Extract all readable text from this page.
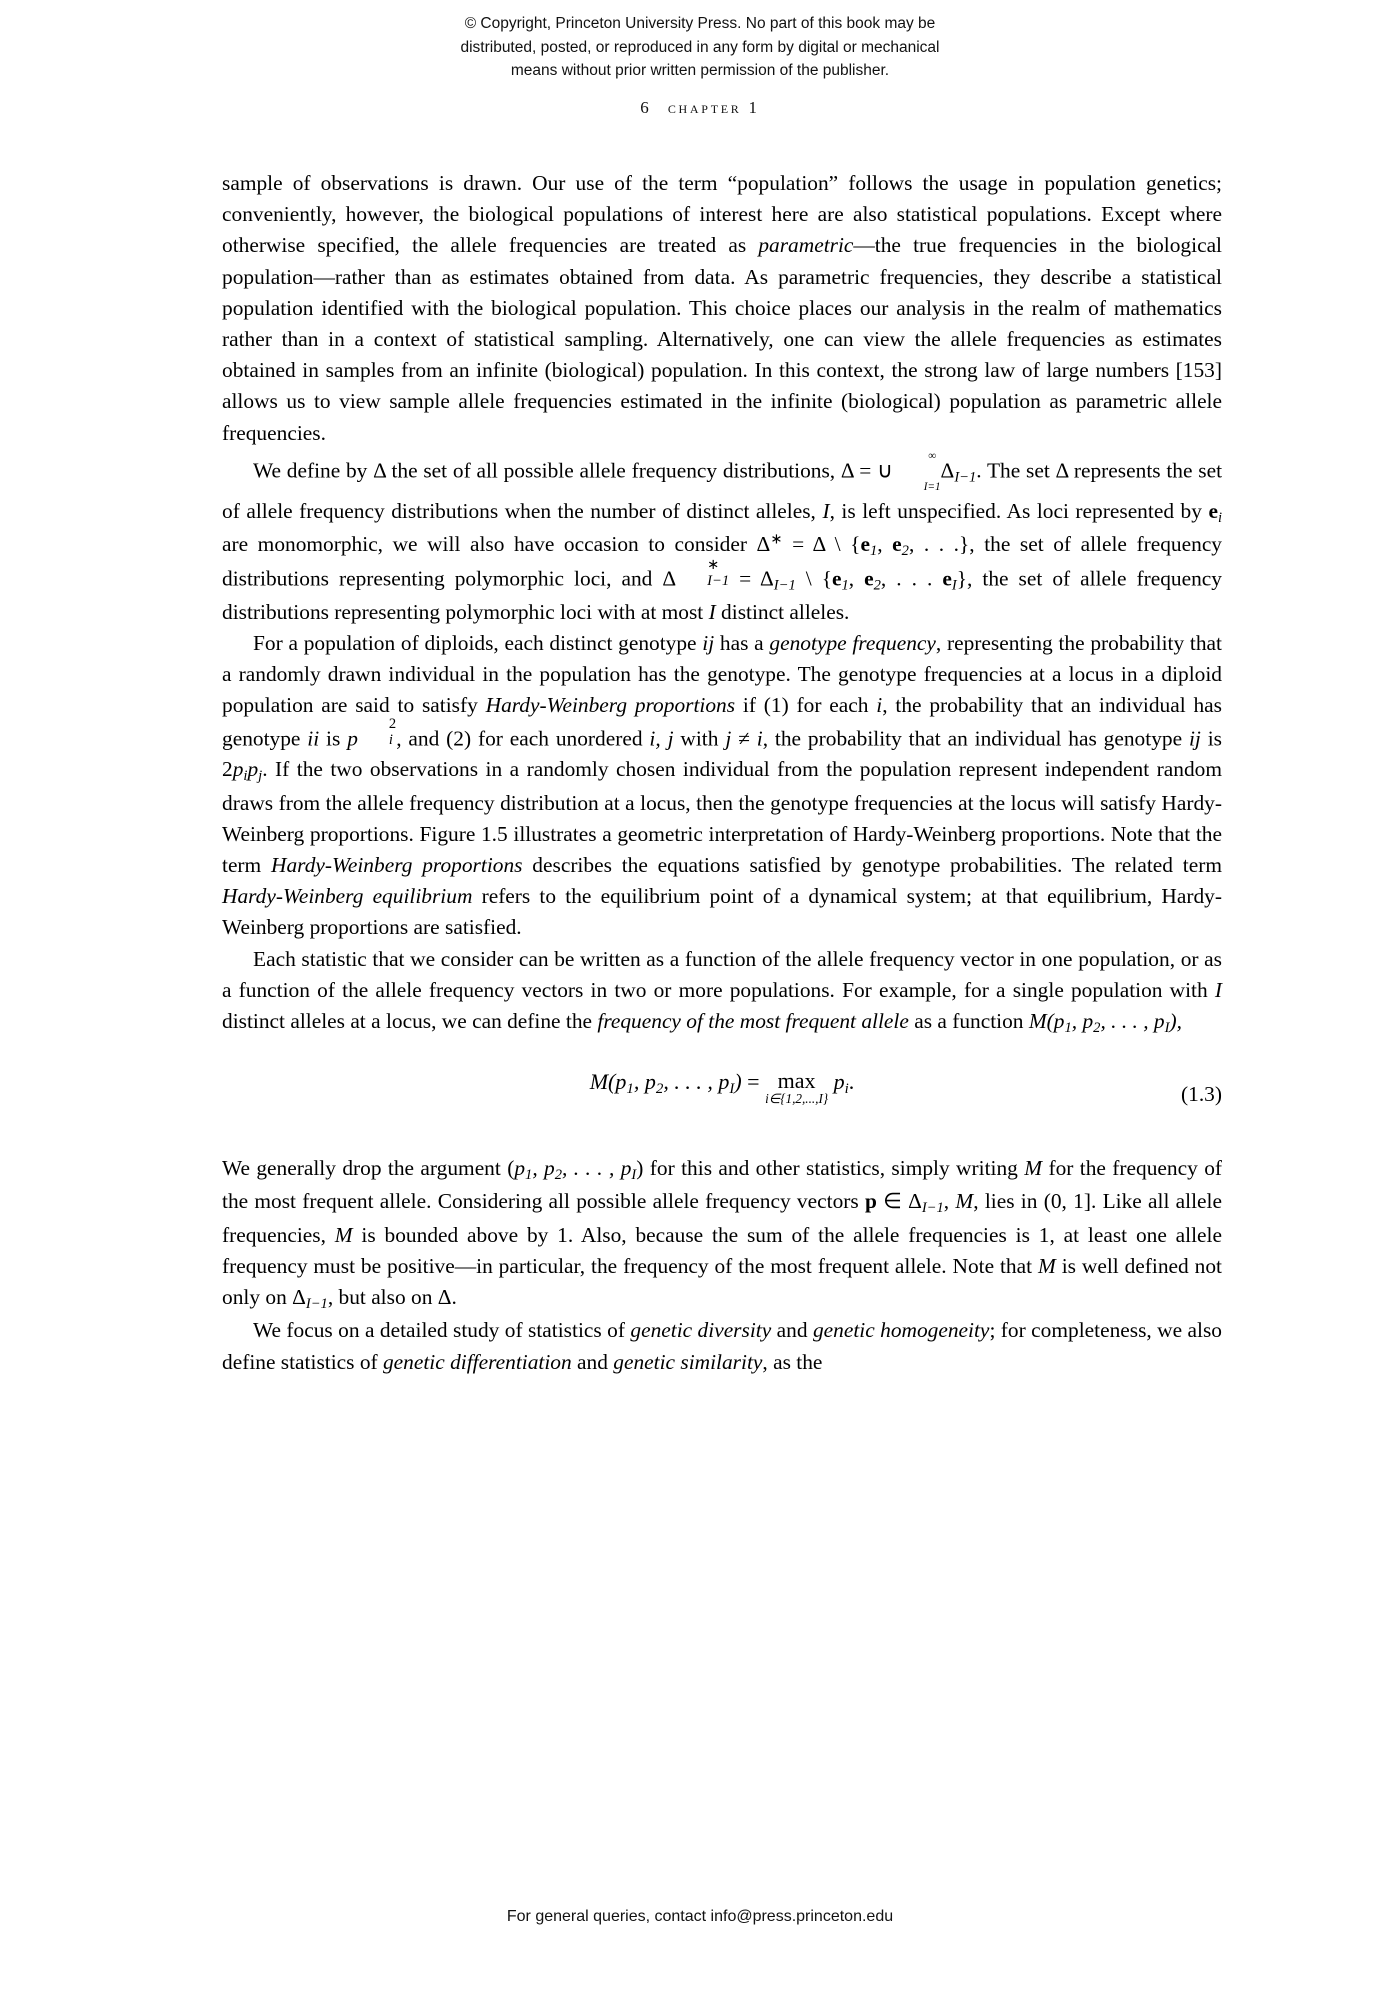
© Copyright, Princeton University Press. No part of this book may be
distributed, posted, or reproduced in any form by digital or mechanical
means without prior written permission of the publisher.
6 chapter 1

sample of observations is drawn. Our use of the term “population” follows the usage in population genetics; conveniently, however, the biological populations of interest here are also statistical populations. Except where otherwise specified, the allele frequencies are treated as parametric—the true frequencies in the biological population—rather than as estimates obtained from data. As parametric frequencies, they describe a statistical population identified with the biological population. This choice places our analysis in the realm of mathematics rather than in a context of statistical sampling. Alternatively, one can view the allele frequencies as estimates obtained in samples from an infinite (biological) population. In this context, the strong law of large numbers [153] allows us to view sample allele frequencies estimated in the infinite (biological) population as parametric allele frequencies.

We define by Δ the set of all possible allele frequency distributions, Δ = ∪
∞

I=1
$\Delta_{I-1}$. The set Δ represents the set of allele frequency distributions when the number of distinct alleles, I, is left unspecified. As loci represented by $e_i$ are monomorphic, we will also have occasion to consider Δ∗ = Δ \ {$e_1$, $e_2$, . . .}, the set of allele frequency distributions representing polymorphic loci, and Δ
∗
$I-1 = \Delta_{I-1}$ \ {$e_1$, $e_2$, . . . $e_I$}, the set of allele frequency distributions representing polymorphic loci with at most I distinct alleles.

For a population of diploids, each distinct genotype ij has a genotype frequency, representing the probability that a randomly drawn individual in the population has the genotype. The genotype frequencies at a locus in a diploid population are said to satisfy Hardy-Weinberg proportions if (1) for each i, the probability that an individual has genotype ii is p
2
i , and (2) for each unordered i, j with j ≠ i, the probability that an individual has genotype ij is $2p_ip_j$. If the two observations in a randomly chosen individual from the population represent independent random draws from the allele frequency distribution at a locus, then the genotype frequencies at the locus will satisfy Hardy-Weinberg proportions. Figure 1.5 illustrates a geometric interpretation of Hardy-Weinberg proportions. Note that the term Hardy-Weinberg proportions describes the equations satisfied by genotype probabilities. The related term Hardy-Weinberg equilibrium refers to the equilibrium point of a dynamical system; at that equilibrium, Hardy-Weinberg proportions are satisfied.

Each statistic that we consider can be written as a function of the allele frequency vector in one population, or as a function of the allele frequency vectors in two or more populations. For example, for a single population with I distinct alleles at a locus, we can define the frequency of the most frequent allele as a function $M(p_1$, $p_2$, . . . , $p_I$),

$M(p_1$, $p_2$, . . . , $p_I) = \max$
i∈{1,2,...,I}
$p_i$.
(1.3)

We generally drop the argument ($p_1$, $p_2$, . . . , $p_I$) for this and other statistics, simply writing M for the frequency of the most frequent allele. Considering all possible allele frequency vectors p ∈ $\Delta_{I-1}$, M, lies in (0, 1]. Like all allele frequencies, M is bounded above by 1. Also, because the sum of the allele frequencies is 1, at least one allele frequency must be positive—in particular, the frequency of the most frequent allele. Note that M is well defined not only on $\Delta_{I-1}$, but also on Δ.

We focus on a detailed study of statistics of genetic diversity and genetic homogeneity; for completeness, we also define statistics of genetic differentiation and genetic similarity, as the

For general queries, contact info@press.princeton.edu
